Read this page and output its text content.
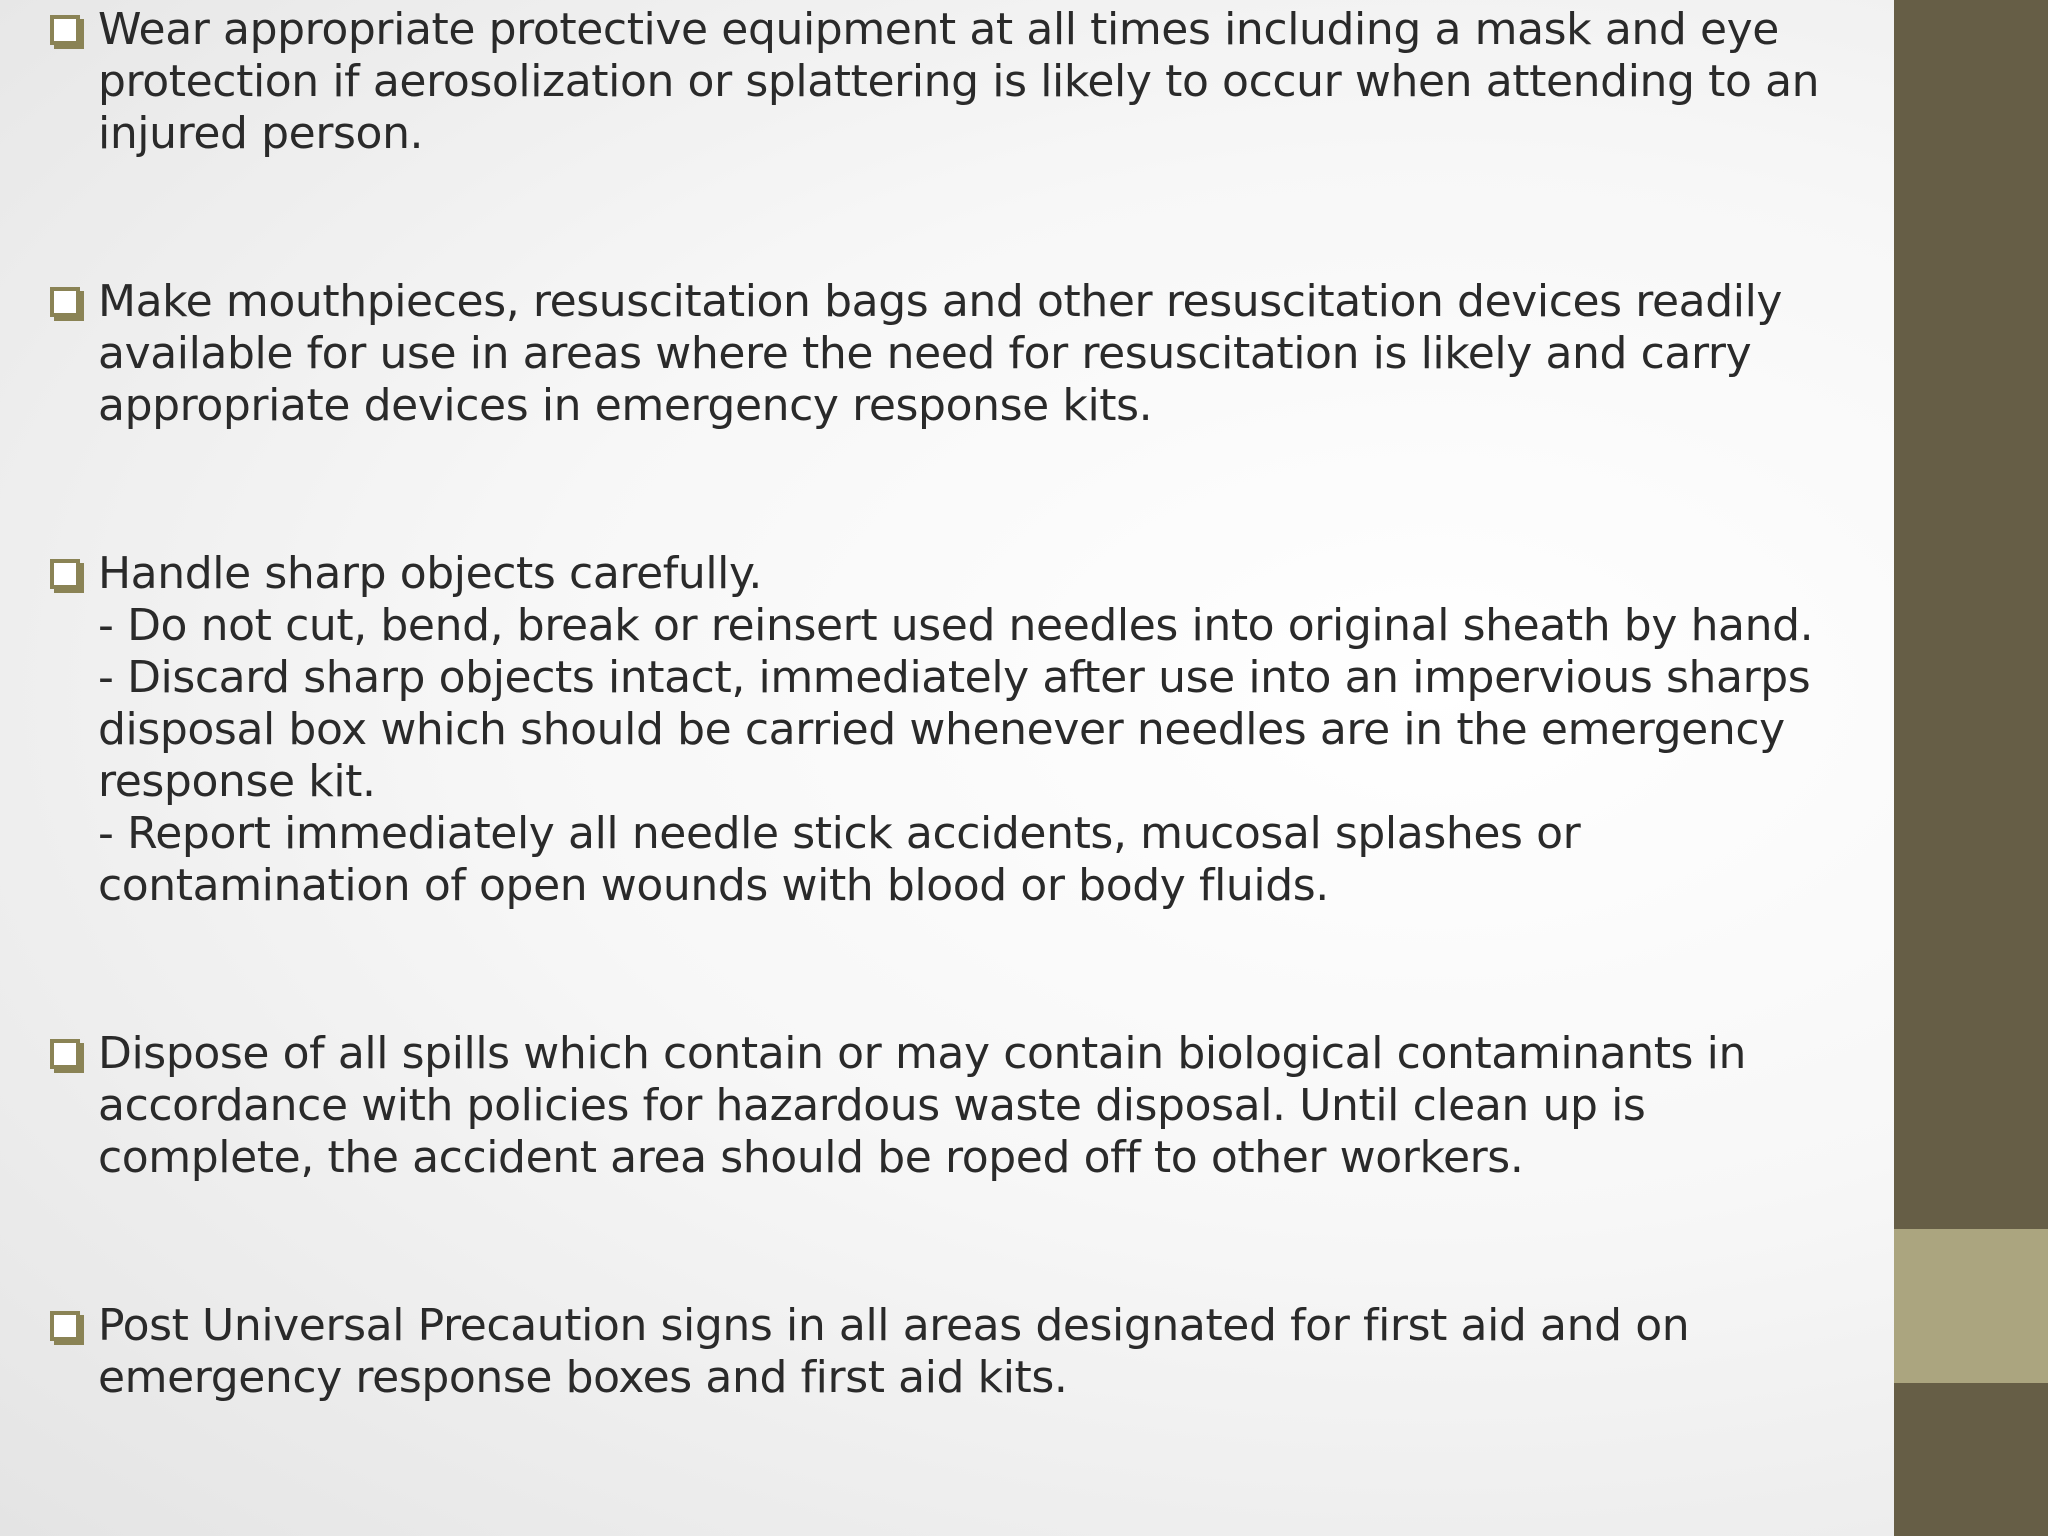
Wear appropriate protective equipment at all times including a mask and eye
protection if aerosolization or splattering is likely to occur when attending to an
injured person.
Make mouthpieces, resuscitation bags and other resuscitation devices readily
available for use in areas where the need for resuscitation is likely and carry
appropriate devices in emergency response kits.
Handle sharp objects carefully.
- Do not cut, bend, break or reinsert used needles into original sheath by hand.
- Discard sharp objects intact, immediately after use into an impervious sharps
disposal box which should be carried whenever needles are in the emergency
response kit.
- Report immediately all needle stick accidents, mucosal splashes or
contamination of open wounds with blood or body fluids.
Dispose of all spills which contain or may contain biological contaminants in
accordance with policies for hazardous waste disposal. Until clean up is
complete, the accident area should be roped off to other workers.
Post Universal Precaution signs in all areas designated for first aid and on
emergency response boxes and first aid kits.
